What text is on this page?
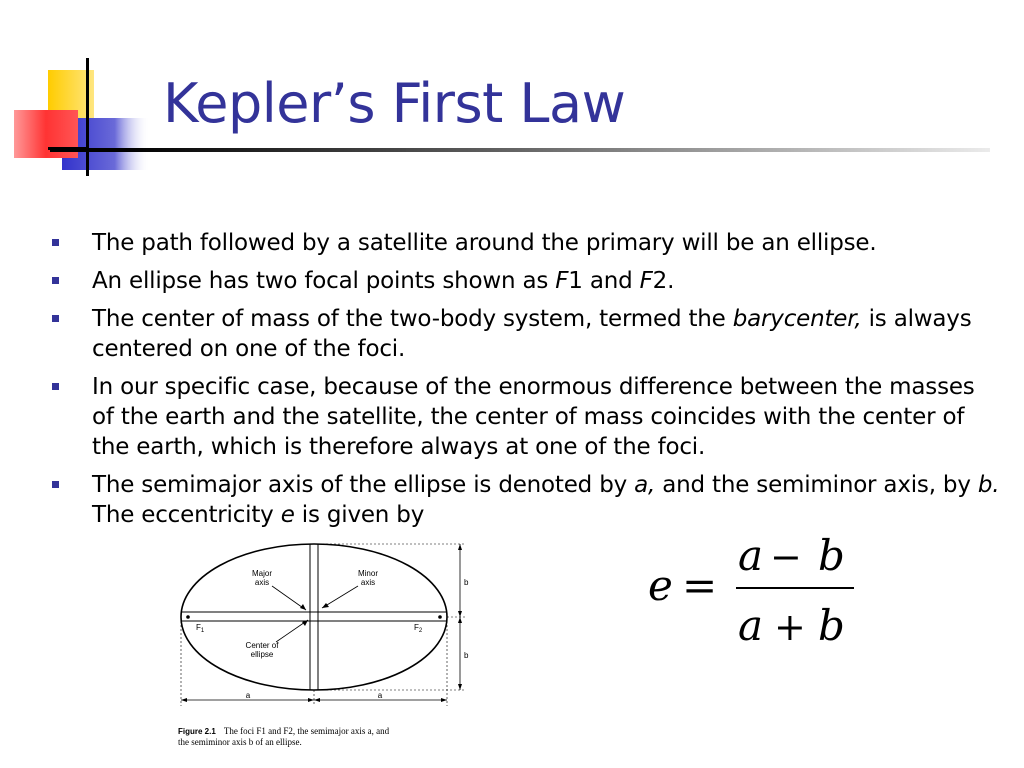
Kepler’s First Law
The path followed by a satellite around the primary will be an ellipse.
An ellipse has two focal points shown as F1 and F2.
The center of mass of the two-body system, termed the barycenter, is always centered on one of the foci.
In our specific case, because of the enormous difference between the masses of the earth and the satellite, the center of mass coincides with the center of the earth, which is therefore always at one of the foci.
The semimajor axis of the ellipse is denoted by a, and the semiminor axis, by b. The eccentricity e is given by
Major
axis
Minor
axis
$F_1$	$F_2$
Center of
ellipse
b
b
a	a
Figure 2.1 The foci F1 and F2, the semimajor axis a, and
the semiminor axis b of an ellipse.
e =
a − b
a + b
